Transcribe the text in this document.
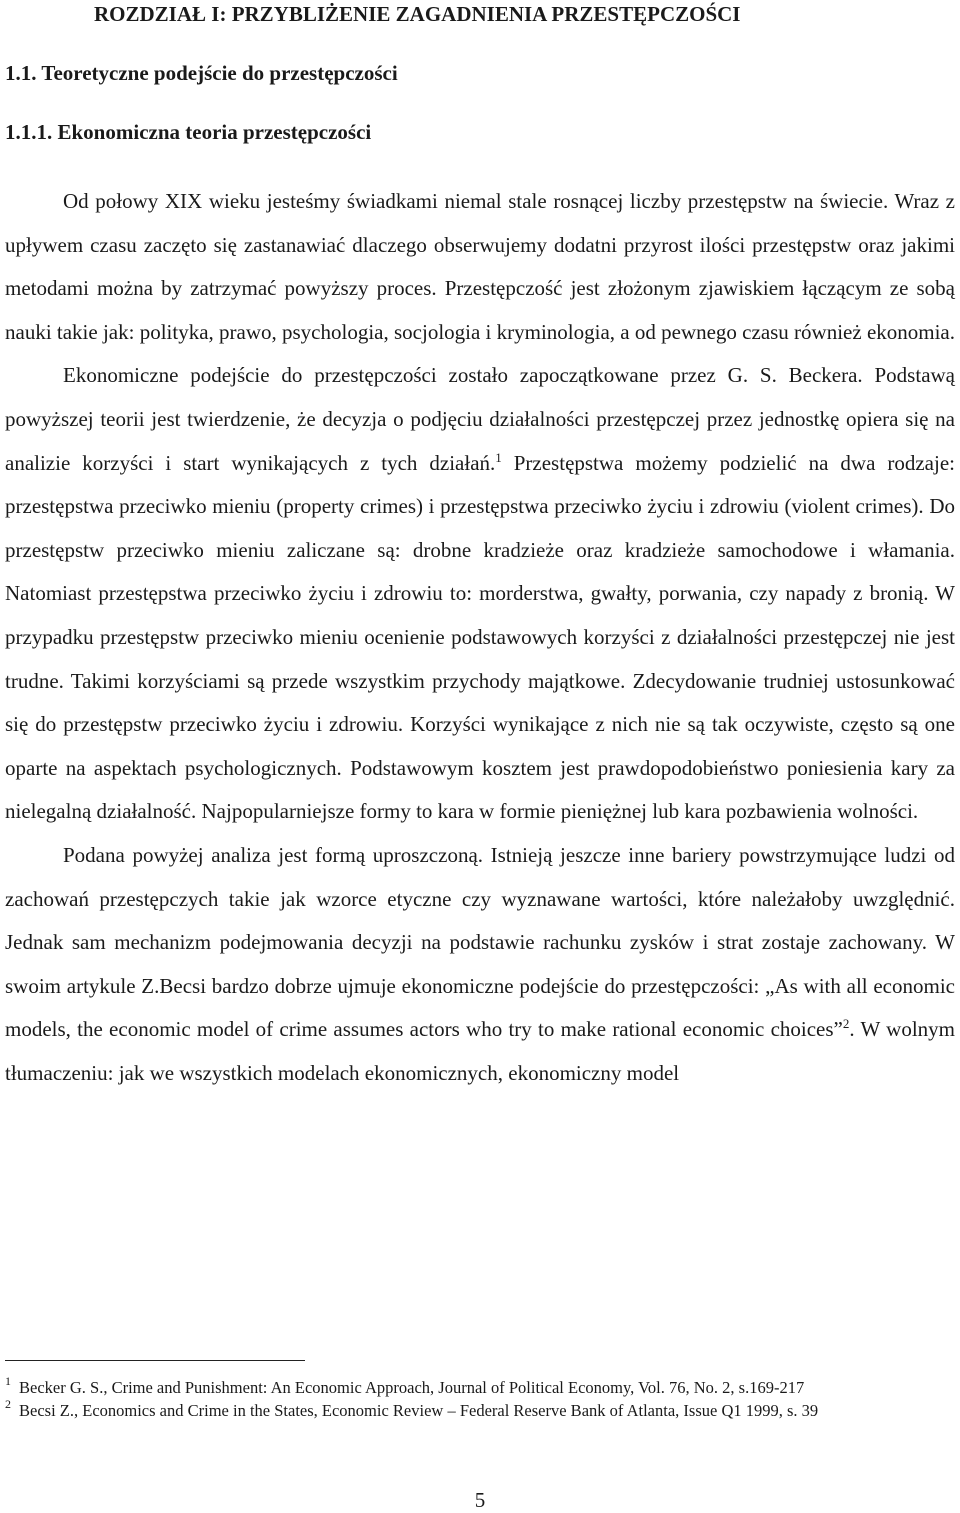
ROZDZIAŁ I: PRZYBLIŻENIE ZAGADNIENIA PRZESTĘPCZOŚCI
1.1. Teoretyczne podejście do przestępczości
1.1.1. Ekonomiczna teoria przestępczości

Od połowy XIX wieku jesteśmy świadkami niemal stale rosnącej liczby przestępstw na świecie. Wraz z upływem czasu zaczęto się zastanawiać dlaczego obserwujemy dodatni przyrost ilości przestępstw oraz jakimi metodami można by zatrzymać powyższy proces. Przestępczość jest złożonym zjawiskiem łączącym ze sobą nauki takie jak: polityka, prawo, psychologia, socjologia i kryminologia, a od pewnego czasu również ekonomia.

Ekonomiczne podejście do przestępczości zostało zapoczątkowane przez G. S. Beckera. Podstawą powyższej teorii jest twierdzenie, że decyzja o podjęciu działalności przestępczej przez jednostkę opiera się na analizie korzyści i start wynikających z tych działań.$^1$ Przestępstwa możemy podzielić na dwa rodzaje: przestępstwa przeciwko mieniu (property crimes) i przestępstwa przeciwko życiu i zdrowiu (violent crimes). Do przestępstw przeciwko mieniu zaliczane są: drobne kradzieże oraz kradzieże samochodowe i włamania. Natomiast przestępstwa przeciwko życiu i zdrowiu to: morderstwa, gwałty, porwania, czy napady z bronią. W przypadku przestępstw przeciwko mieniu ocenienie podstawowych korzyści z działalności przestępczej nie jest trudne. Takimi korzyściami są przede wszystkim przychody majątkowe. Zdecydowanie trudniej ustosunkować się do przestępstw przeciwko życiu i zdrowiu. Korzyści wynikające z nich nie są tak oczywiste, często są one oparte na aspektach psychologicznych. Podstawowym kosztem jest prawdopodobieństwo poniesienia kary za nielegalną działalność. Najpopularniejsze formy to kara w formie pieniężnej lub kara pozbawienia wolności.

Podana powyżej analiza jest formą uproszczoną. Istnieją jeszcze inne bariery powstrzymujące ludzi od zachowań przestępczych takie jak wzorce etyczne czy wyznawane wartości, które należałoby uwzględnić. Jednak sam mechanizm podejmowania decyzji na podstawie rachunku zysków i strat zostaje zachowany. W swoim artykule Z.Becsi bardzo dobrze ujmuje ekonomiczne podejście do przestępczości: „As with all economic models, the economic model of crime assumes actors who try to make rational economic choices”$^2$. W wolnym tłumaczeniu: jak we wszystkich modelach ekonomicznych, ekonomiczny model

1 Becker G. S., Crime and Punishment: An Economic Approach, Journal of Political Economy, Vol. 76, No. 2, s.169-217
2 Becsi Z., Economics and Crime in the States, Economic Review – Federal Reserve Bank of Atlanta, Issue Q1 1999, s. 39
5
